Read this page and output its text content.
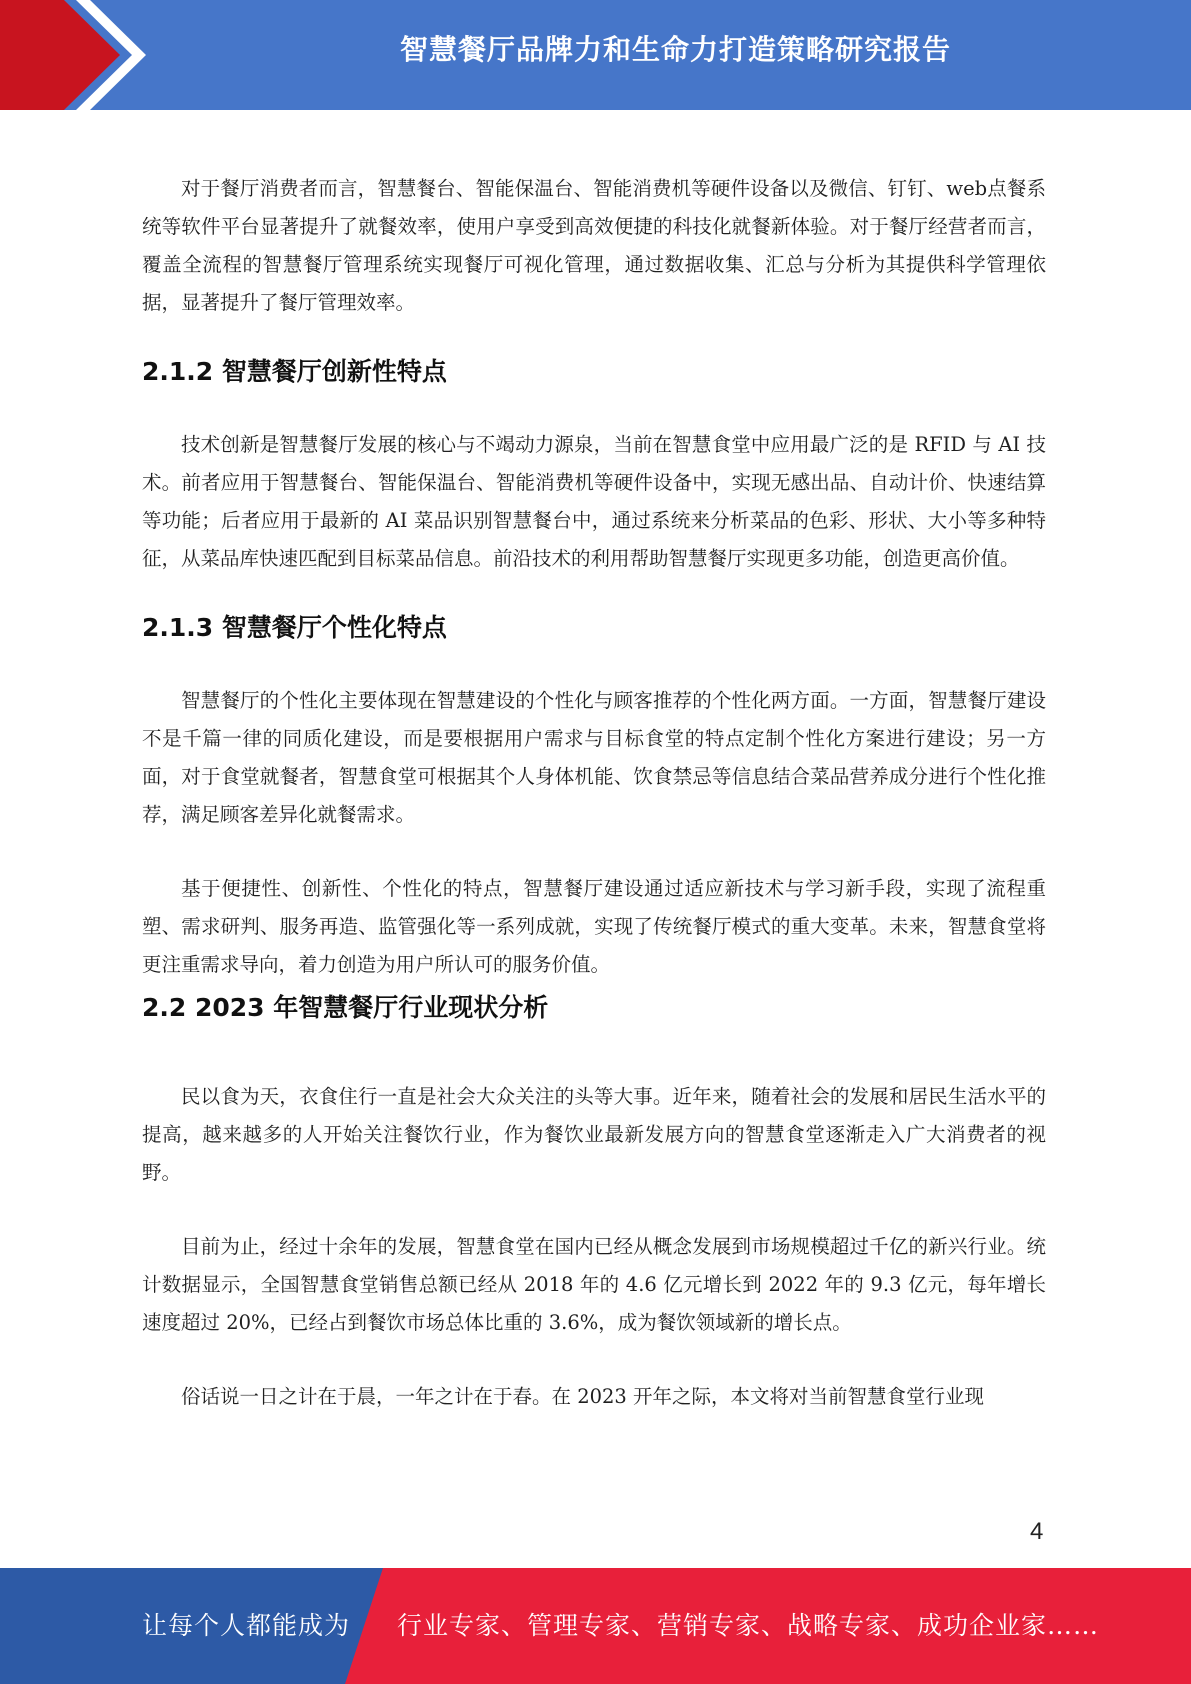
智慧餐厅品牌力和生命力打造策略研究报告

对于餐厅消费者而言，智慧餐台、智能保温台、智能消费机等硬件设备以及微信、钉钉、web点餐系统等软件平台显著提升了就餐效率，使用户享受到高效便捷的科技化就餐新体验。对于餐厅经营者而言，覆盖全流程的智慧餐厅管理系统实现餐厅可视化管理，通过数据收集、汇总与分析为其提供科学管理依据，显著提升了餐厅管理效率。

2.1.2 智慧餐厅创新性特点

技术创新是智慧餐厅发展的核心与不竭动力源泉，当前在智慧食堂中应用最广泛的是 RFID 与 AI 技术。前者应用于智慧餐台、智能保温台、智能消费机等硬件设备中，实现无感出品、自动计价、快速结算等功能；后者应用于最新的 AI 菜品识别智慧餐台中，通过系统来分析菜品的色彩、形状、大小等多种特征，从菜品库快速匹配到目标菜品信息。前沿技术的利用帮助智慧餐厅实现更多功能，创造更高价值。

2.1.3 智慧餐厅个性化特点

智慧餐厅的个性化主要体现在智慧建设的个性化与顾客推荐的个性化两方面。一方面，智慧餐厅建设不是千篇一律的同质化建设，而是要根据用户需求与目标食堂的特点定制个性化方案进行建设；另一方面，对于食堂就餐者，智慧食堂可根据其个人身体机能、饮食禁忌等信息结合菜品营养成分进行个性化推荐，满足顾客差异化就餐需求。

基于便捷性、创新性、个性化的特点，智慧餐厅建设通过适应新技术与学习新手段，实现了流程重塑、需求研判、服务再造、监管强化等一系列成就，实现了传统餐厅模式的重大变革。未来，智慧食堂将更注重需求导向，着力创造为用户所认可的服务价值。

2.2 2023 年智慧餐厅行业现状分析

民以食为天，衣食住行一直是社会大众关注的头等大事。近年来，随着社会的发展和居民生活水平的提高，越来越多的人开始关注餐饮行业，作为餐饮业最新发展方向的智慧食堂逐渐走入广大消费者的视野。

目前为止，经过十余年的发展，智慧食堂在国内已经从概念发展到市场规模超过千亿的新兴行业。统计数据显示，全国智慧食堂销售总额已经从 2018 年的 4.6 亿元增长到 2022 年的 9.3 亿元，每年增长速度超过 20%，已经占到餐饮市场总体比重的 3.6%，成为餐饮领域新的增长点。

俗话说一日之计在于晨，一年之计在于春。在 2023 开年之际，本文将对当前智慧食堂行业现

4
让每个人都能成为 行业专家、管理专家、营销专家、战略专家、成功企业家……
